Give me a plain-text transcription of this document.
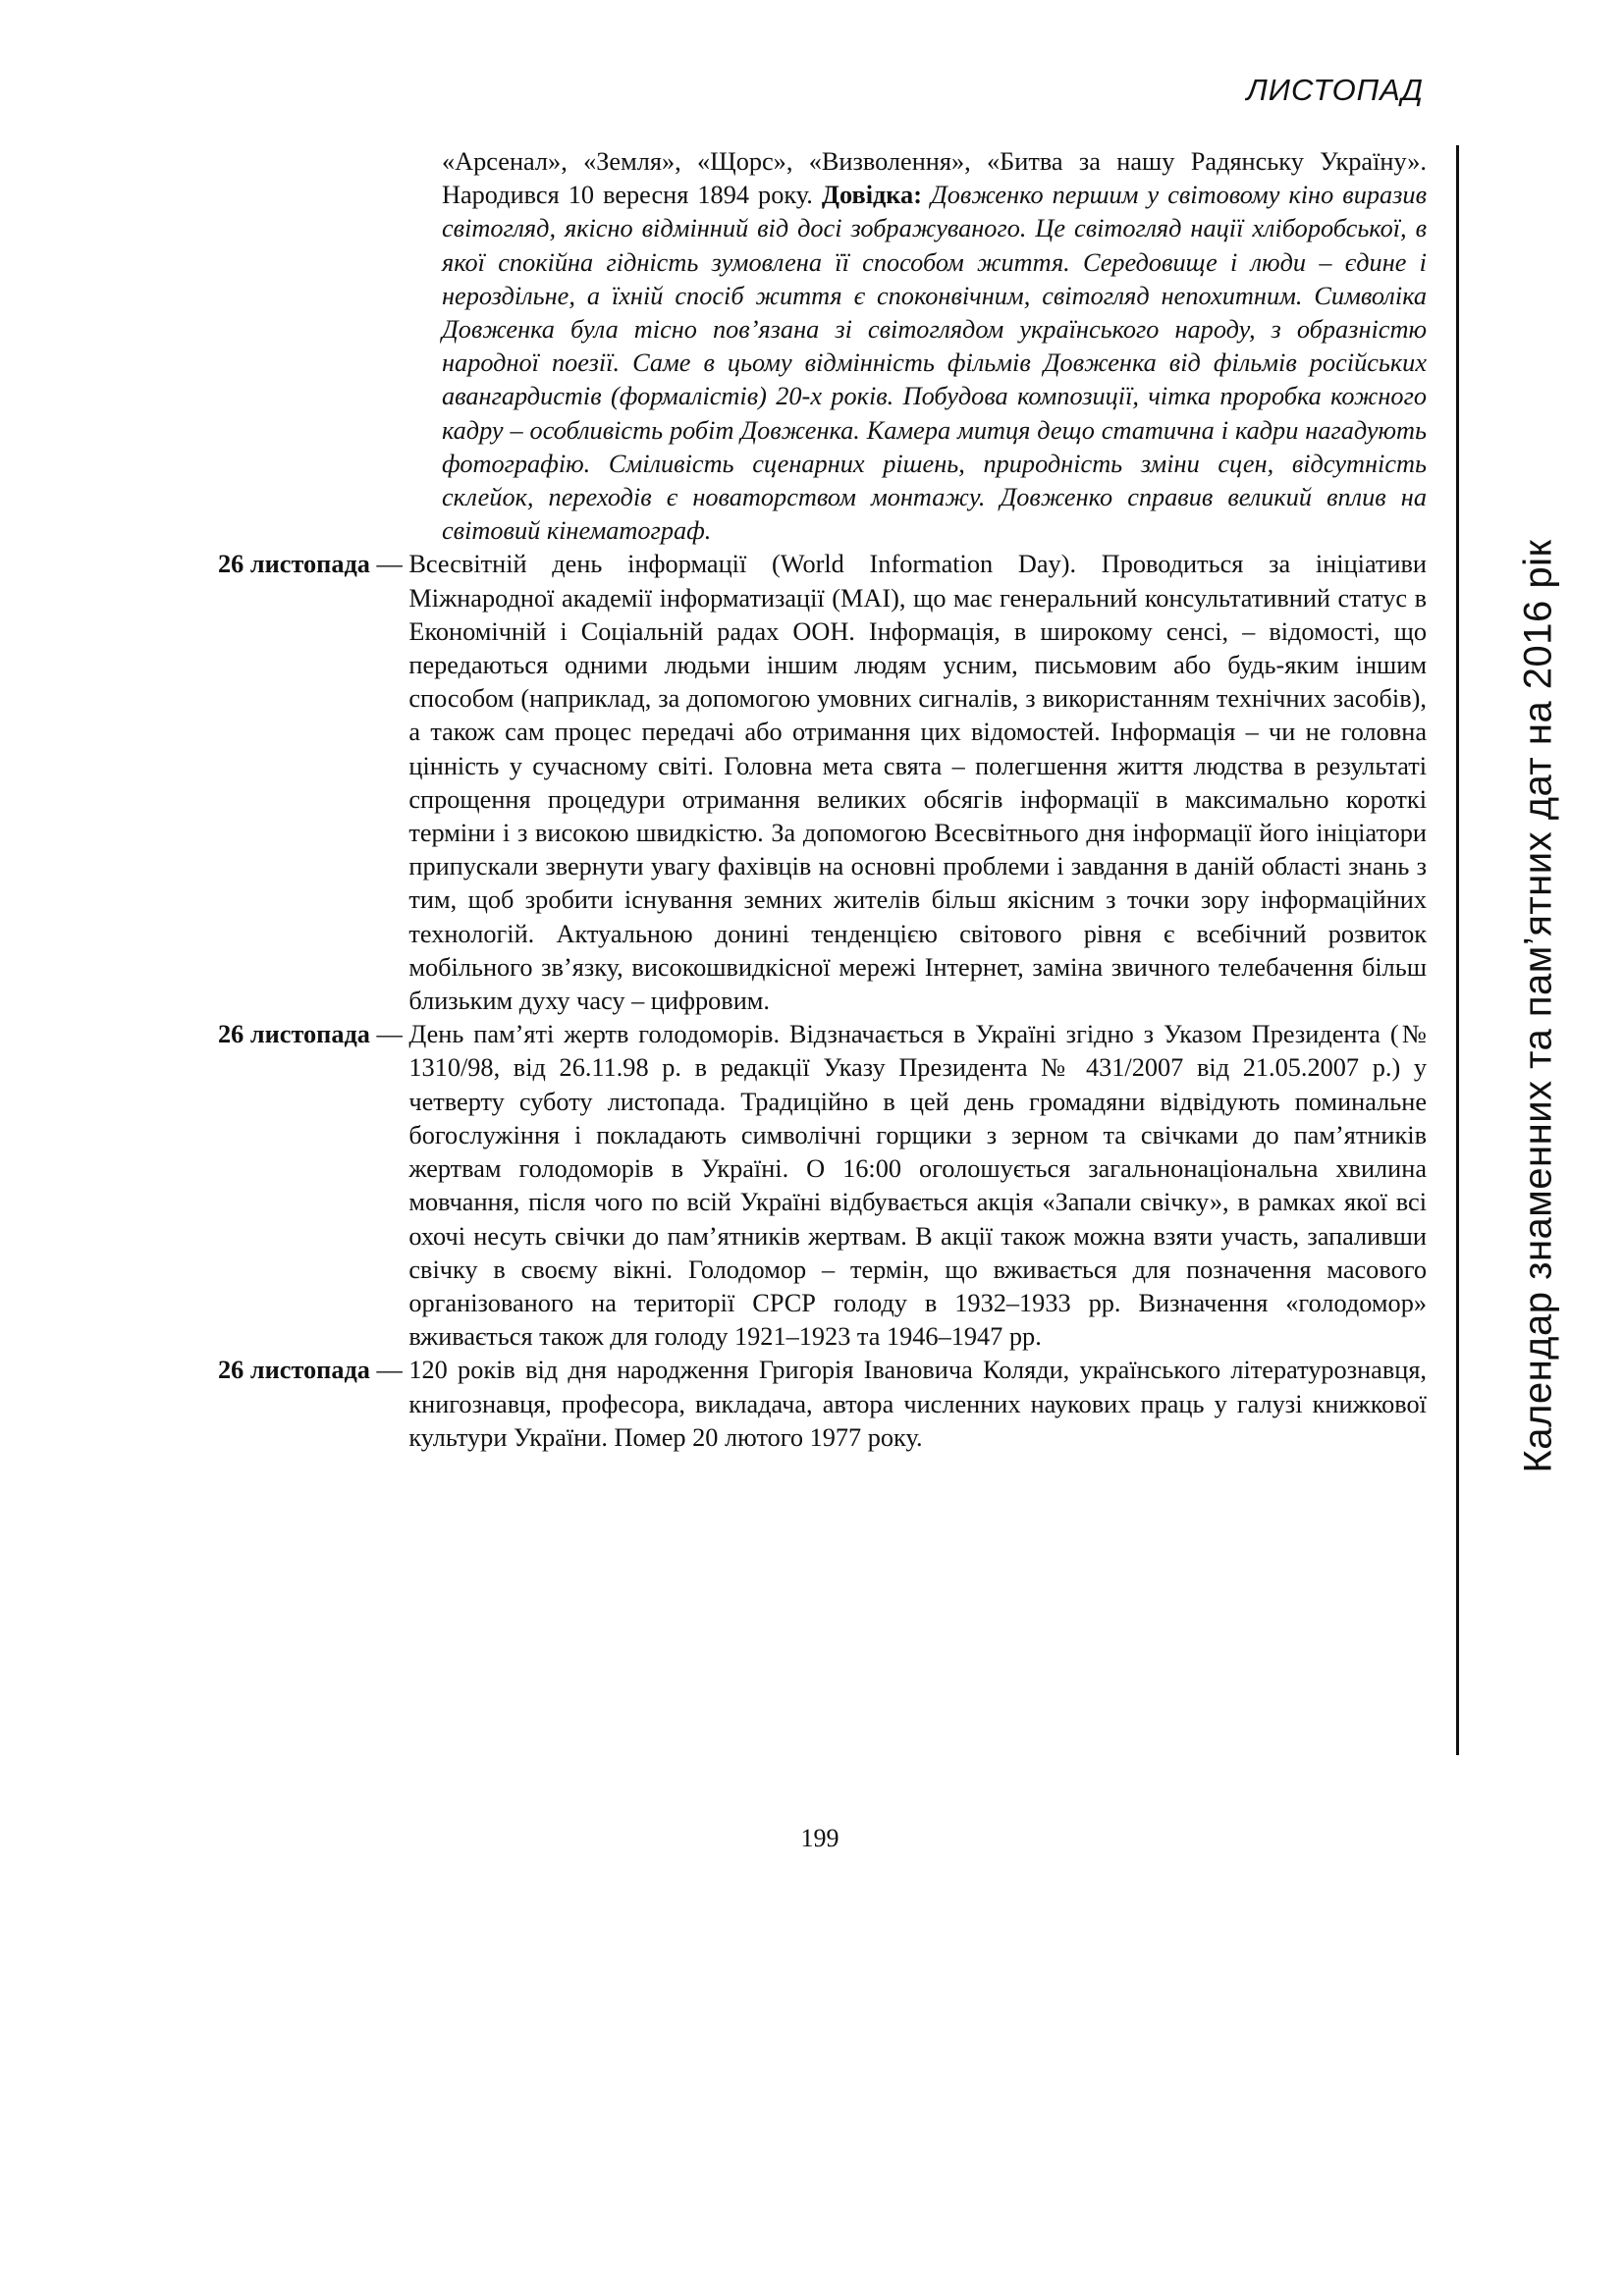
ЛИСТОПАД
Календар знаменних та пам’ятних дат на 2016 рік
«Арсенал», «Земля», «Щорс», «Визволення», «Битва за нашу Радянську Україну». Народився 10 вересня 1894 року. Довідка: Довженко першим у світовому кіно виразив світогляд, якісно відмінний від досі зображуваного. Це світогляд нації хліборобської, в якої спокійна гідність зумовлена її способом життя. Середовище і люди – єдине і нероздільне, а їхній спосіб життя є споконвічним, світогляд непохитним. Символіка Довженка була тісно пов’язана зі світоглядом українського народу, з образністю народної поезії. Саме в цьому відмінність фільмів Довженка від фільмів російських авангардистів (формалістів) 20-х років. Побудова композиції, чітка проробка кожного кадру – особливість робіт Довженка. Камера митця дещо статична і кадри нагадують фотографію. Сміливість сценарних рішень, природність зміни сцен, відсутність склейок, переходів є новаторством монтажу. Довженко справив великий вплив на світовий кінематограф.
26 листопада — Всесвітній день інформації (World Information Day). Проводиться за ініціативи Міжнародної академії інформатизації (МАІ), що має генеральний консультативний статус в Економічній і Соціальній радах ООН. Інформація, в широкому сенсі, – відомості, що передаються одними людьми іншим людям усним, письмовим або будь-яким іншим способом (наприклад, за допомогою умовних сигналів, з використанням технічних засобів), а також сам процес передачі або отримання цих відомостей. Інформація – чи не головна цінність у сучасному світі. Головна мета свята – полегшення життя людства в результаті спрощення процедури отримання великих обсягів інформації в максимально короткі терміни і з високою швидкістю. За допомогою Всесвітнього дня інформації його ініціатори припускали звернути увагу фахівців на основні проблеми і завдання в даній області знань з тим, щоб зробити існування земних жителів більш якісним з точки зору інформаційних технологій. Актуальною донині тенденцією світового рівня є всебічний розвиток мобільного зв’язку, високошвидкісної мережі Інтернет, заміна звичного телебачення більш близьким духу часу – цифровим.
26 листопада — День пам’яті жертв голодоморів. Відзначається в Україні згідно з Указом Президента (№ 1310/98, від 26.11.98 р. в редакції Указу Президента № 431/2007 від 21.05.2007 р.) у четверту суботу листопада. Традиційно в цей день громадяни відвідують поминальне богослужіння і покладають символічні горщики з зерном та свічками до пам’ятників жертвам голодоморів в Україні. О 16:00 оголошується загальнонаціональна хвилина мовчання, після чого по всій Україні відбувається акція «Запали свічку», в рамках якої всі охочі несуть свічки до пам’ятників жертвам. В акції також можна взяти участь, запаливши свічку в своєму вікні. Голодомор – термін, що вживається для позначення масового організованого на території СРСР голоду в 1932–1933 рр. Визначення «голодомор» вживається також для голоду 1921–1923 та 1946–1947 рр.
26 листопада — 120 років від дня народження Григорія Івановича Коляди, українського літературознавця, книгознавця, професора, викладача, автора численних наукових праць у галузі книжкової культури України. Помер 20 лютого 1977 року.
199
